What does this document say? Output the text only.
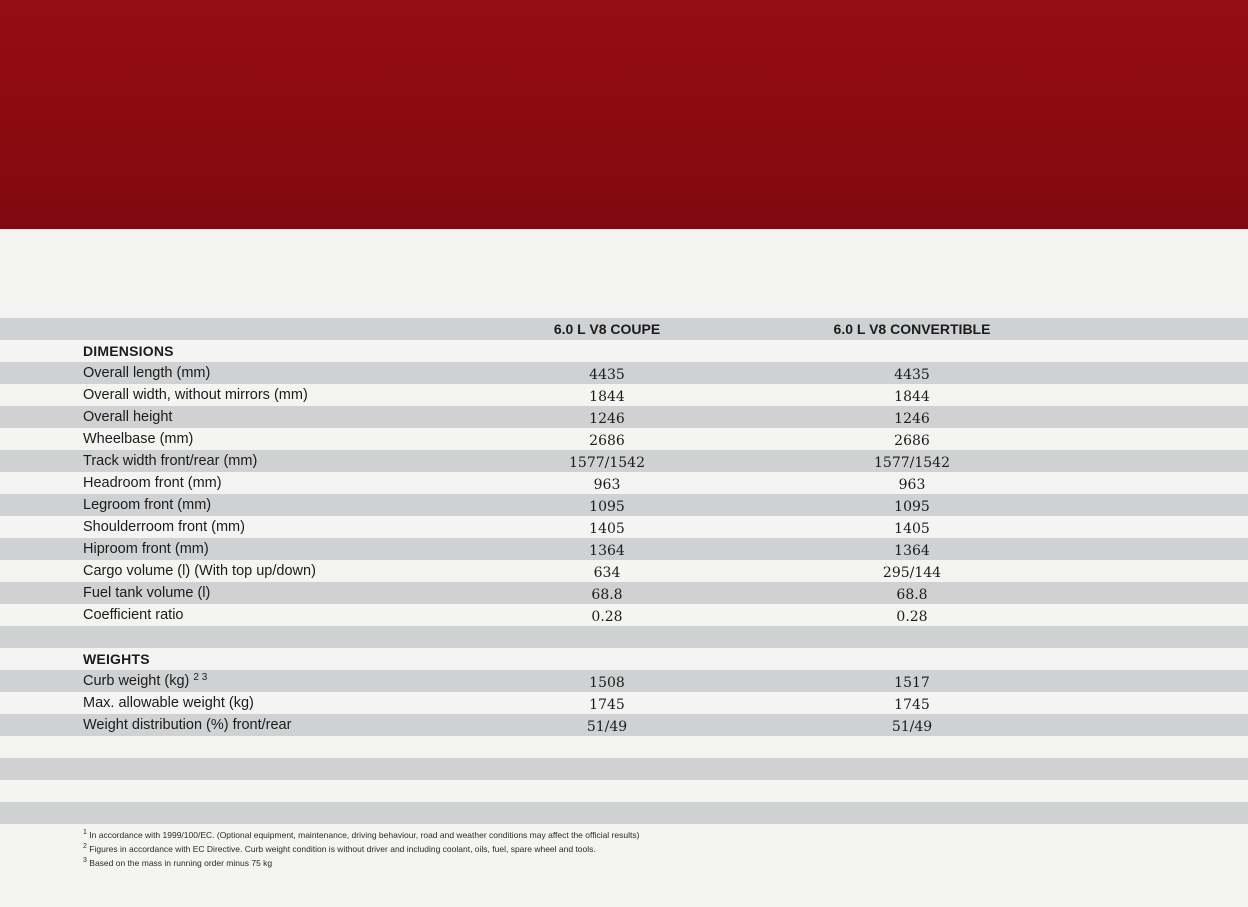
6.0 L V8 COUPE	6.0 L V8 CONVERTIBLE
DIMENSIONS
Overall length (mm)	4435	4435
Overall width, without mirrors (mm)	1844	1844
Overall height	1246	1246
Wheelbase (mm)	2686	2686
Track width front/rear (mm)	1577/1542	1577/1542
Headroom front (mm)	963	963
Legroom front (mm)	1095	1095
Shoulderroom front (mm)	1405	1405
Hiproom front (mm)	1364	1364
Cargo volume (l) (With top up/down)	634	295/144
Fuel tank volume (l)	68.8	68.8
Coefficient ratio	0.28	0.28
WEIGHTS
Curb weight (kg) $^{2 3}$	1508	1517
Max. allowable weight (kg)	1745	1745
Weight distribution (%) front/rear	51/49	51/49
$^1$ In accordance with 1999/100/EC. (Optional equipment, maintenance, driving behaviour, road and weather conditions may affect the official results)
$^2$ Figures in accordance with EC Directive. Curb weight condition is without driver and including coolant, oils, fuel, spare wheel and tools.
$^3$ Based on the mass in running order minus 75 kg
